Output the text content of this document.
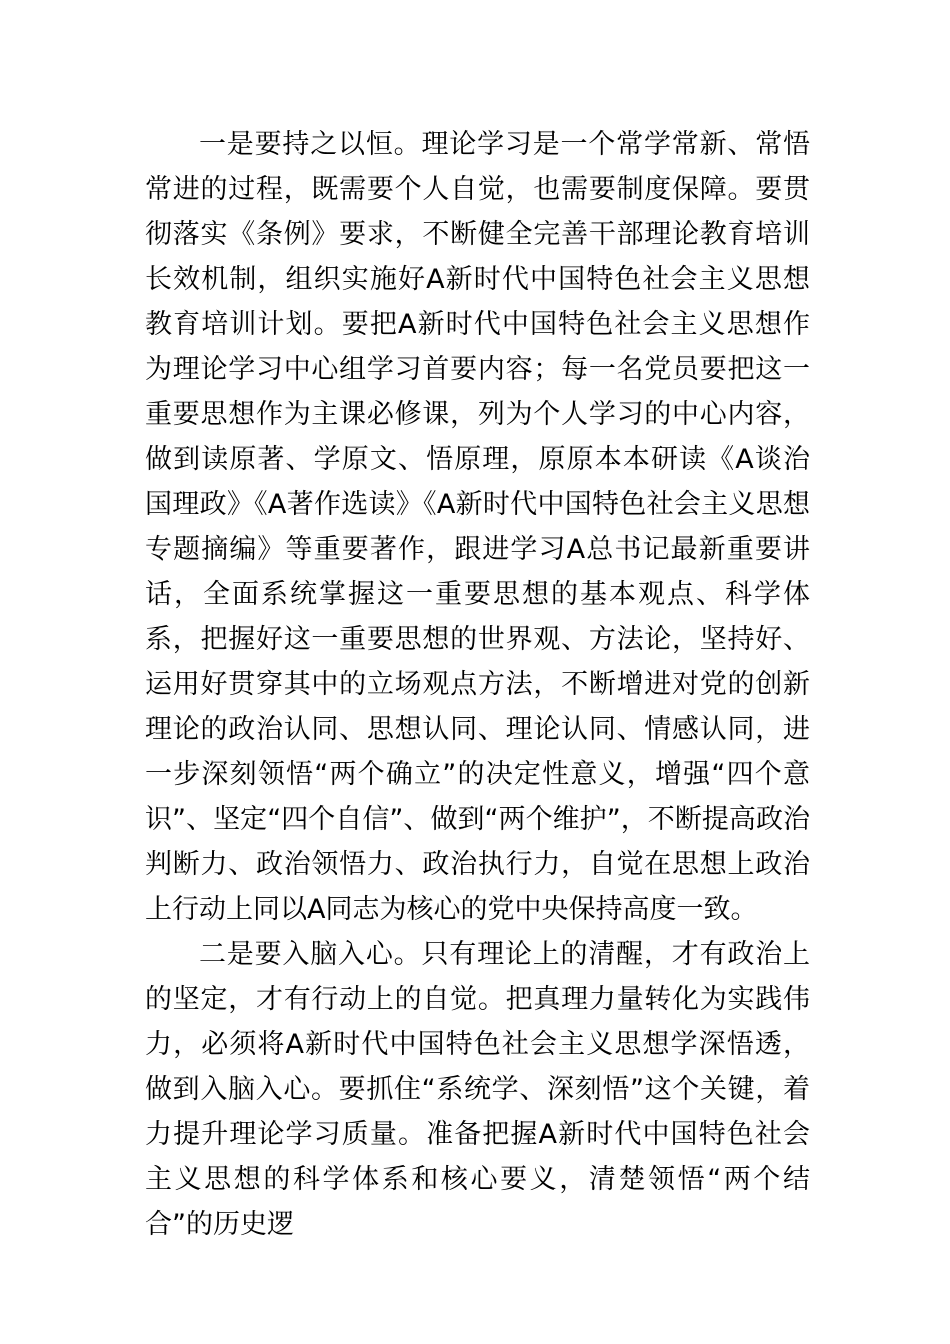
一是要持之以恒。理论学习是一个常学常新、常悟常进的过程，既需要个人自觉，也需要制度保障。要贯彻落实《条例》要求，不断健全完善干部理论教育培训长效机制，组织实施好A新时代中国特色社会主义思想教育培训计划。要把A新时代中国特色社会主义思想作为理论学习中心组学习首要内容；每一名党员要把这一重要思想作为主课必修课，列为个人学习的中心内容，做到读原著、学原文、悟原理，原原本本研读《A谈治国理政》《A著作选读》《A新时代中国特色社会主义思想专题摘编》等重要著作，跟进学习A总书记最新重要讲话，全面系统掌握这一重要思想的基本观点、科学体系，把握好这一重要思想的世界观、方法论，坚持好、运用好贯穿其中的立场观点方法，不断增进对党的创新理论的政治认同、思想认同、理论认同、情感认同，进一步深刻领悟“两个确立”的决定性意义，增强“四个意识”、坚定“四个自信”、做到“两个维护”，不断提高政治判断力、政治领悟力、政治执行力，自觉在思想上政治上行动上同以A同志为核心的党中央保持高度一致。

二是要入脑入心。只有理论上的清醒，才有政治上的坚定，才有行动上的自觉。把真理力量转化为实践伟力，必须将A新时代中国特色社会主义思想学深悟透，做到入脑入心。要抓住“系统学、深刻悟”这个关键，着力提升理论学习质量。准备把握A新时代中国特色社会主义思想的科学体系和核心要义，清楚领悟“两个结合”的历史逻
